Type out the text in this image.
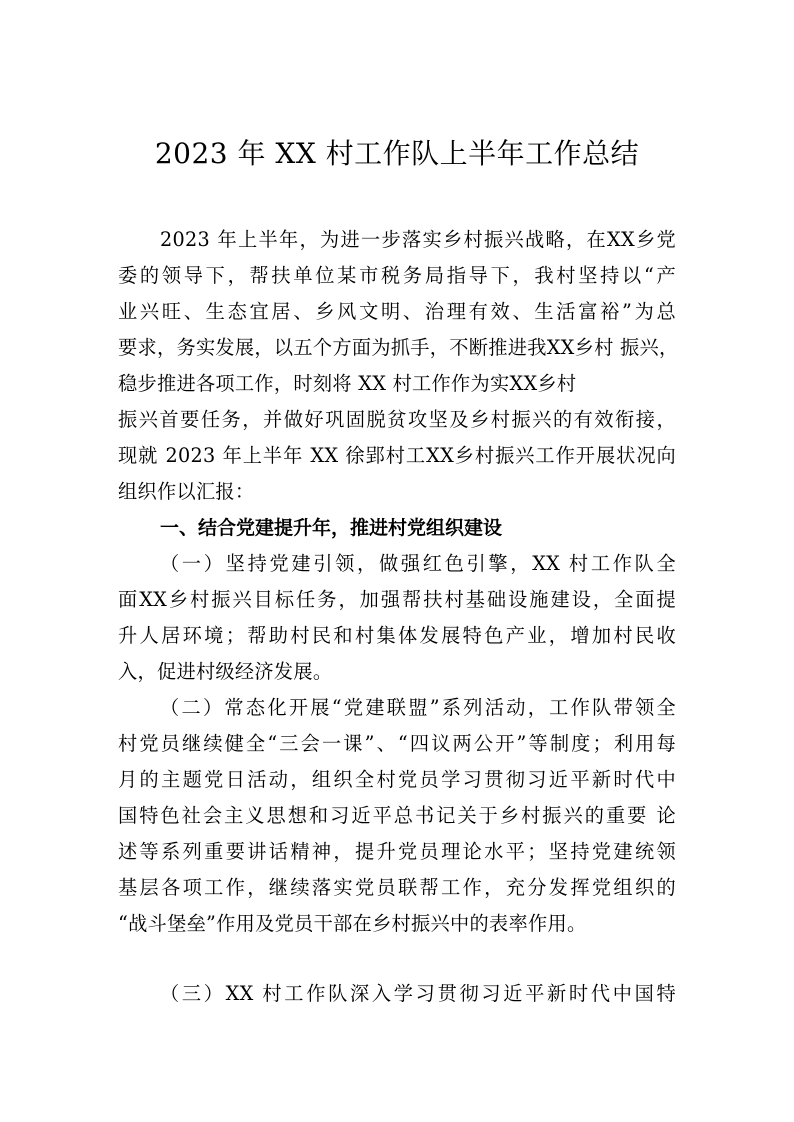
2023 年 XX 村工作队上半年工作总结
2023 年上半年，为进一步落实乡村振兴战略，在XX乡党
委的领导下，帮扶单位某市税务局指导下，我村坚持以“产
业兴旺、生态宜居、乡风文明、治理有效、生活富裕”为总
要求，务实发展，以五个方面为抓手，不断推进我XX乡村 振兴，
稳步推进各项工作，时刻将 XX 村工作作为实XX乡村
振兴首要任务，并做好巩固脱贫攻坚及乡村振兴的有效衔接，
现就 2023 年上半年 XX 徐郢村工XX乡村振兴工作开展状况向
组织作以汇报：
一、结合党建提升年，推进村党组织建设
（一）坚持党建引领，做强红色引擎，XX 村工作队全
面XX乡村振兴目标任务，加强帮扶村基础设施建设，全面提
升人居环境；帮助村民和村集体发展特色产业，增加村民收
入，促进村级经济发展。
（二）常态化开展“党建联盟”系列活动，工作队带领全
村党员继续健全“三会一课”、“四议两公开”等制度；利用每
月的主题党日活动，组织全村党员学习贯彻习近平新时代中
国特色社会主义思想和习近平总书记关于乡村振兴的重要 论
述等系列重要讲话精神，提升党员理论水平；坚持党建统领
基层各项工作，继续落实党员联帮工作，充分发挥党组织的
“战斗堡垒”作用及党员干部在乡村振兴中的表率作用。
（三）XX 村工作队深入学习贯彻习近平新时代中国特
